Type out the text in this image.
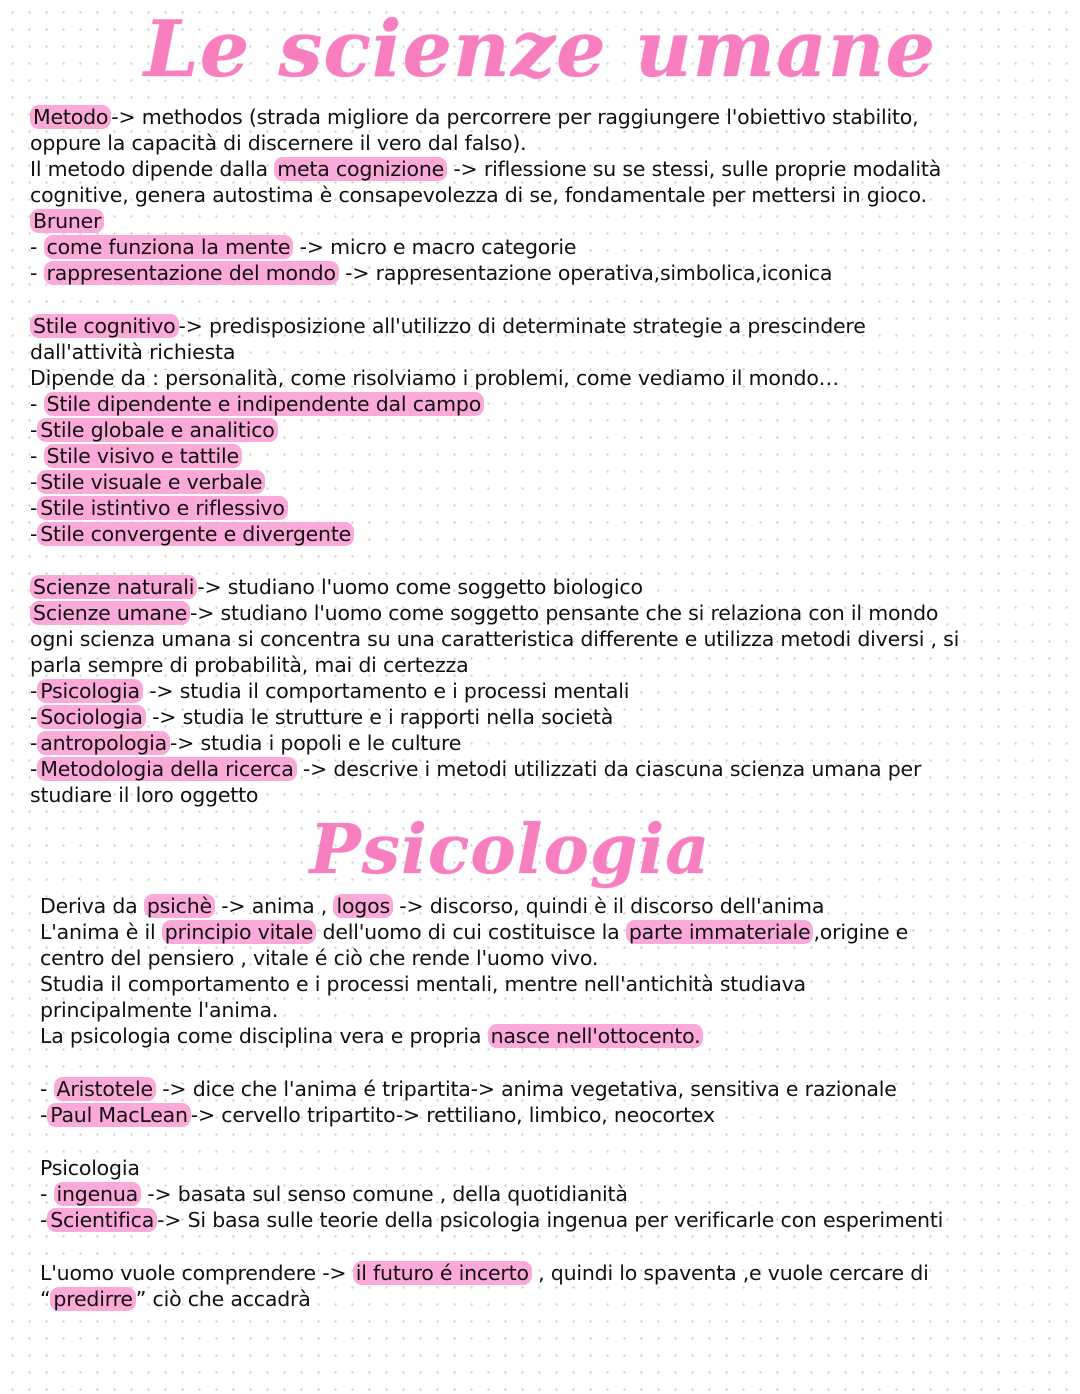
Le scienze umane
Psicologia
Metodo -> methodos (strada migliore da percorrere per raggiungere l'obiettivo stabilito,
oppure la capacità di discernere il vero dal falso).
Il metodo dipende dalla meta cognizione -> riflessione su se stessi, sulle proprie modalità
cognitive, genera autostima è consapevolezza di se, fondamentale per mettersi in gioco.
Bruner
- come funziona la mente -> micro e macro categorie
- rappresentazione del mondo -> rappresentazione operativa,simbolica,iconica
Stile cognitivo -> predisposizione all'utilizzo di determinate strategie a prescindere
dall'attività richiesta
Dipende da : personalità, come risolviamo i problemi, come vediamo il mondo…
- Stile dipendente e indipendente dal campo
- Stile globale e analitico
- Stile visivo e tattile
- Stile visuale e verbale
- Stile istintivo e riflessivo
- Stile convergente e divergente
Scienze naturali -> studiano l'uomo come soggetto biologico
Scienze umane -> studiano l'uomo come soggetto pensante che si relaziona con il mondo
ogni scienza umana si concentra su una caratteristica differente e utilizza metodi diversi , si
parla sempre di probabilità, mai di certezza
- Psicologia -> studia il comportamento e i processi mentali
- Sociologia -> studia le strutture e i rapporti nella società
- antropologia -> studia i popoli e le culture
- Metodologia della ricerca -> descrive i metodi utilizzati da ciascuna scienza umana per
studiare il loro oggetto
Deriva da psichè -> anima , logos -> discorso, quindi è il discorso dell'anima
L'anima è il principio vitale dell'uomo di cui costituisce la parte immateriale ,origine e
centro del pensiero , vitale é ciò che rende l'uomo vivo.
Studia il comportamento e i processi mentali, mentre nell'antichità studiava
principalmente l'anima.
La psicologia come disciplina vera e propria nasce nell'ottocento.
- Aristotele -> dice che l'anima é tripartita-> anima vegetativa, sensitiva e razionale
- Paul MacLean -> cervello tripartito-> rettiliano, limbico, neocortex
Psicologia
- ingenua -> basata sul senso comune , della quotidianità
- Scientifica -> Si basa sulle teorie della psicologia ingenua per verificarle con esperimenti
L'uomo vuole comprendere -> il futuro é incerto , quindi lo spaventa ,e vuole cercare di
“ predirre ” ciò che accadrà
